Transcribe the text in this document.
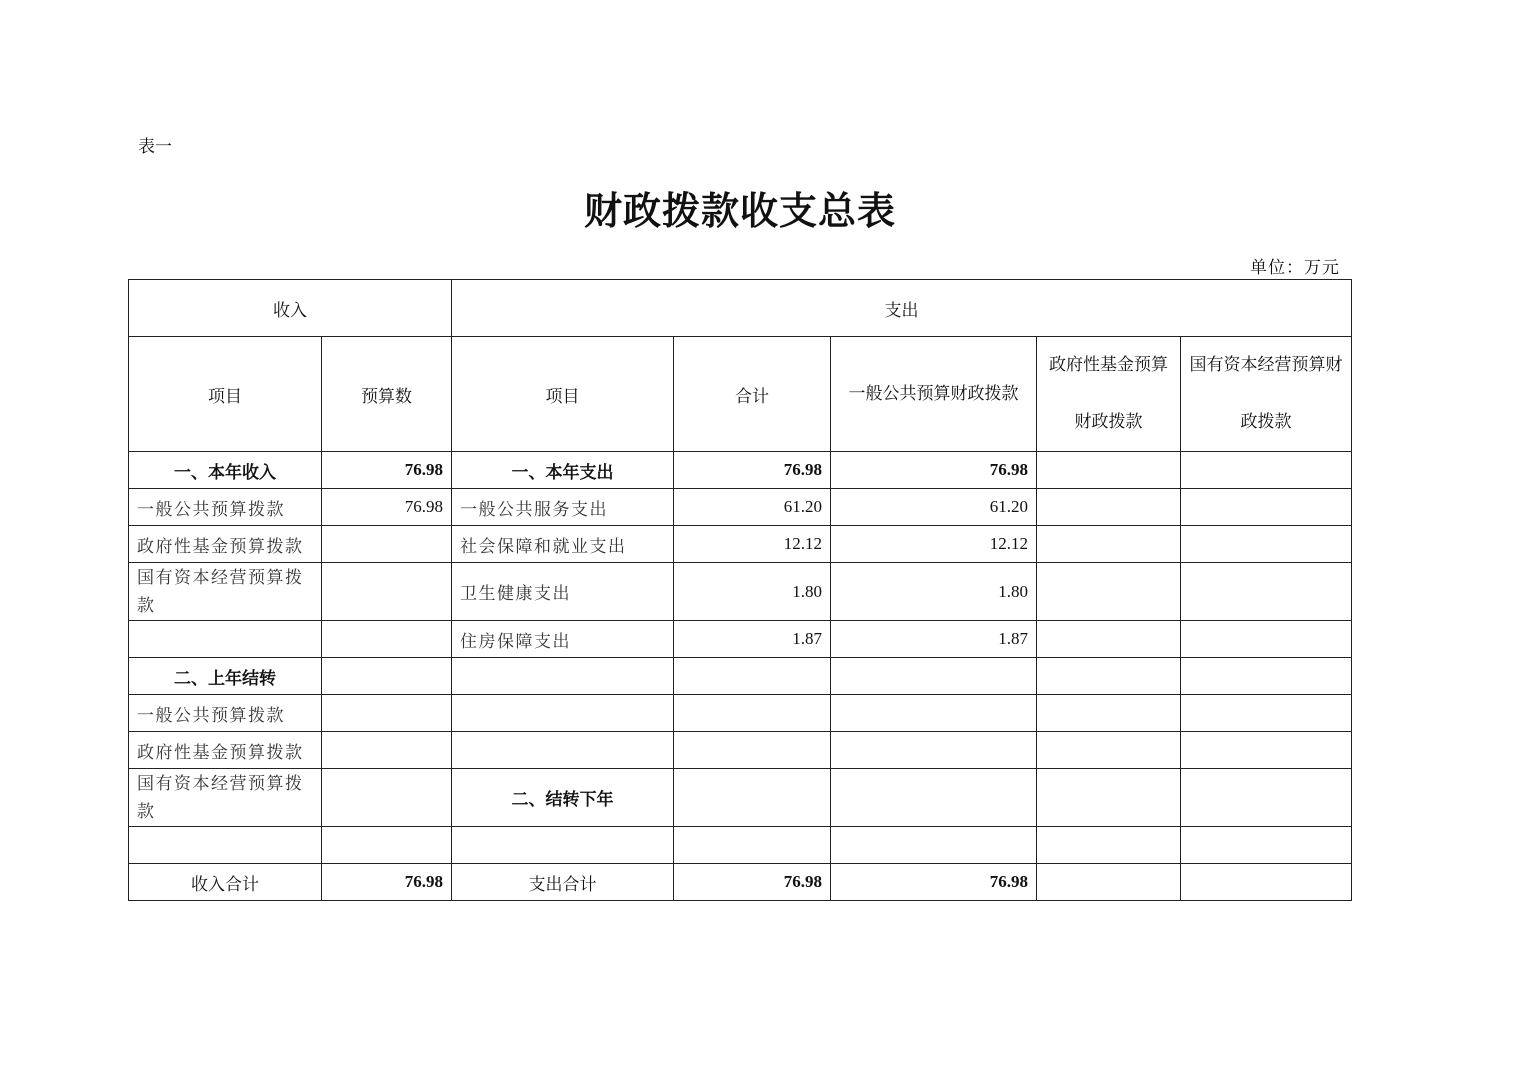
表一
财政拨款收支总表
单位：万元
收入		支出				
项目	预算数	项目	合计	一般公共预算财政拨款	政府性基金预算财政拨款	国有资本经营预算财政拨款
一、本年收入	76.98	一、本年支出	76.98	76.98		
一般公共预算拨款	76.98	一般公共服务支出	61.20	61.20		
政府性基金预算拨款		社会保障和就业支出	12.12	12.12		
国有资本经营预算拨款		卫生健康支出	1.80	1.80		
		住房保障支出	1.87	1.87		
二、上年结转						
一般公共预算拨款						
政府性基金预算拨款						
国有资本经营预算拨款		二、结转下年				

收入合计	76.98	支出合计	76.98	76.98		
